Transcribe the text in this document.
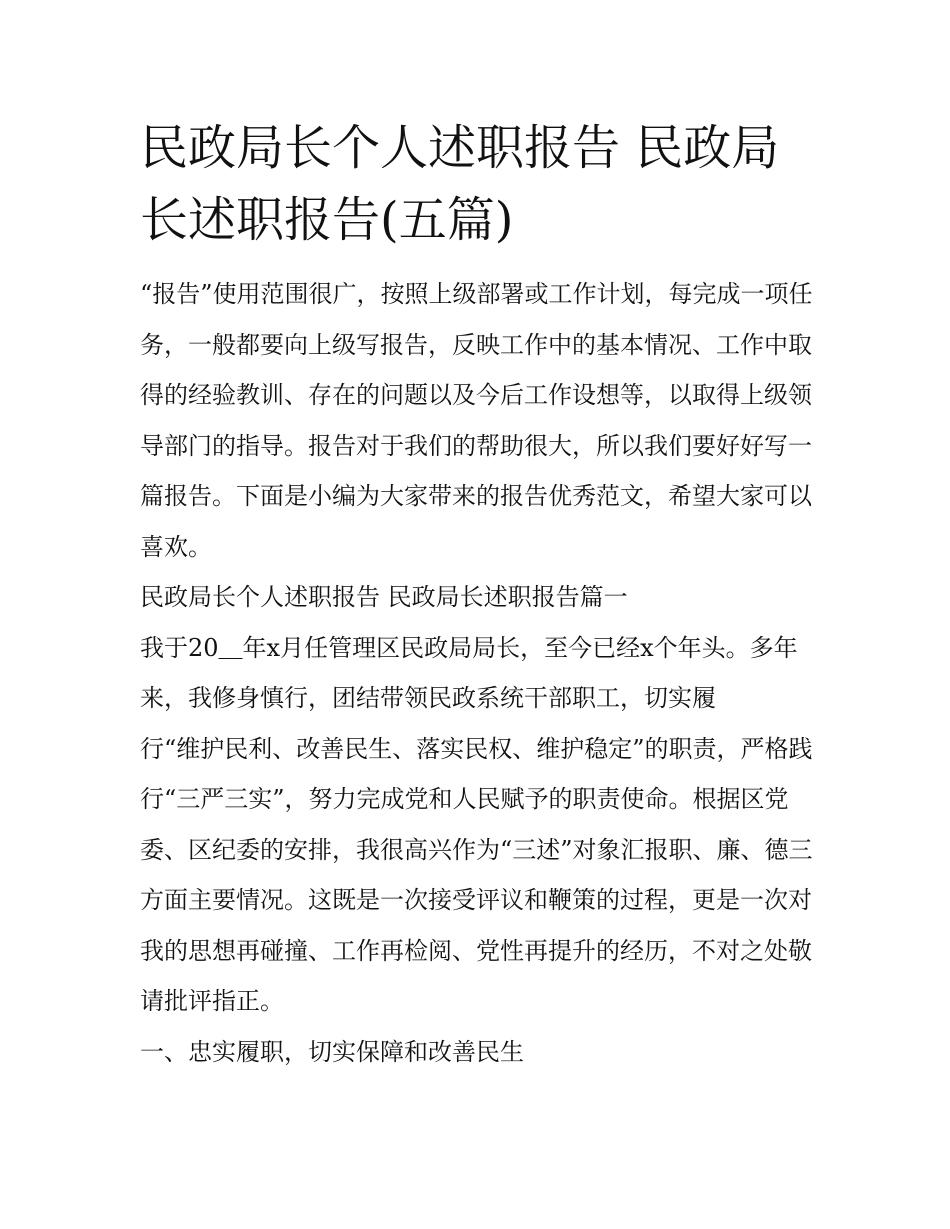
民政局长个人述职报告 民政局
长述职报告(五篇)

“报告”使用范围很广，按照上级部署或工作计划，每完成一项任务，一般都要向上级写报告，反映工作中的基本情况、工作中取得的经验教训、存在的问题以及今后工作设想等，以取得上级领导部门的指导。报告对于我们的帮助很大，所以我们要好好写一篇报告。下面是小编为大家带来的报告优秀范文，希望大家可以喜欢。

民政局长个人述职报告 民政局长述职报告篇一

我于20＿年x月任管理区民政局局长，至今已经x个年头。多年来，我修身慎行，团结带领民政系统干部职工，切实履
行“维护民利、改善民生、落实民权、维护稳定”的职责，严格践行“三严三实”，努力完成党和人民赋予的职责使命。根据区党委、区纪委的安排，我很高兴作为“三述”对象汇报职、廉、德三方面主要情况。这既是一次接受评议和鞭策的过程，更是一次对我的思想再碰撞、工作再检阅、党性再提升的经历，不对之处敬请批评指正。

一、忠实履职，切实保障和改善民生
